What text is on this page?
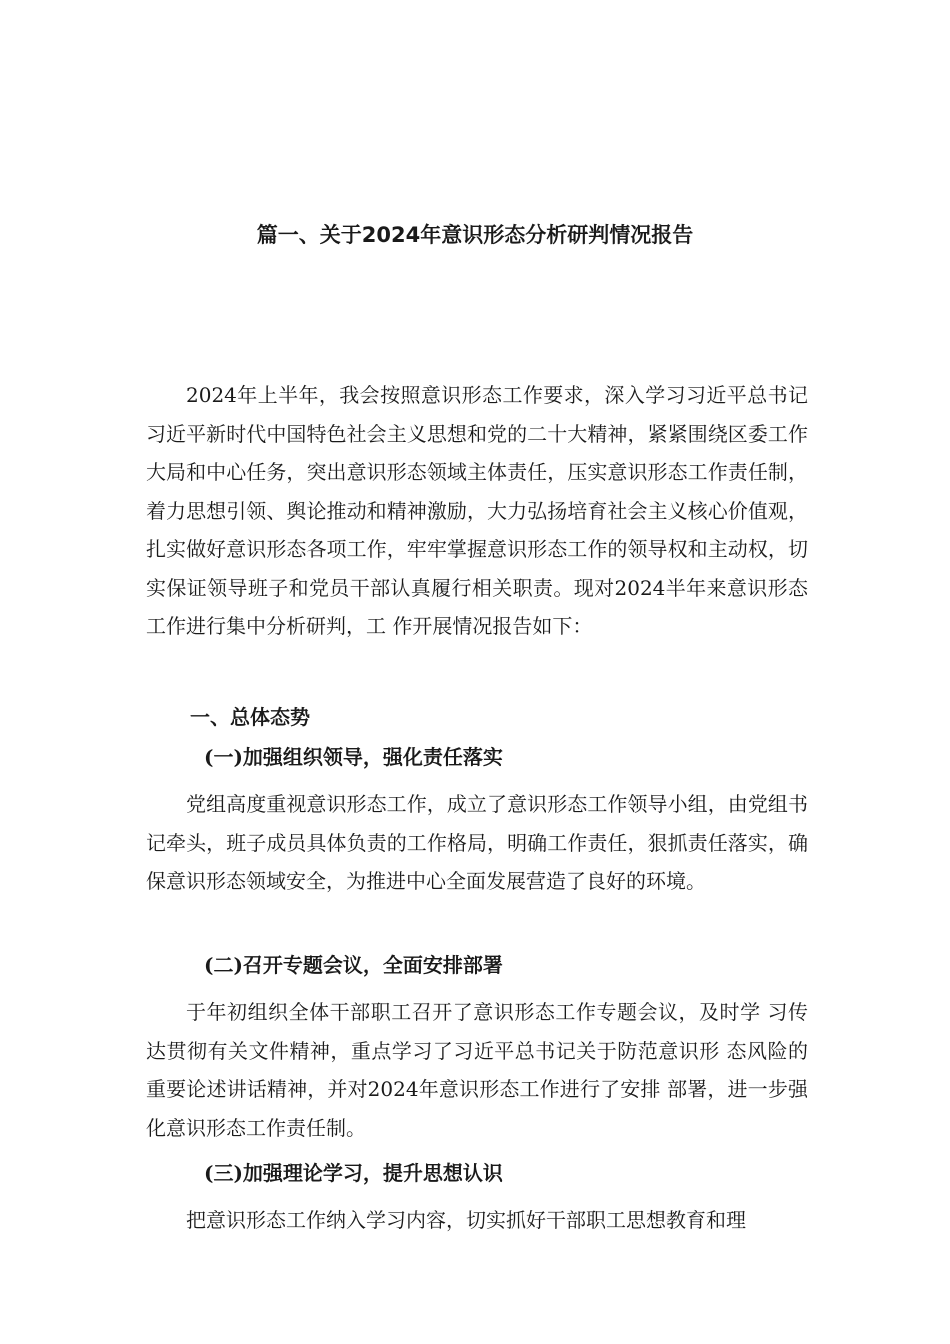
篇一、关于2024年意识形态分析研判情况报告

2024年上半年，我会按照意识形态工作要求，深入学习习近平总书记习近平新时代中国特色社会主义思想和党的二十大精神，紧紧围绕区委工作大局和中心任务，突出意识形态领域主体责任，压实意识形态工作责任制，着力思想引领、舆论推动和精神激励，大力弘扬培育社会主义核心价值观，扎实做好意识形态各项工作，牢牢掌握意识形态工作的领导权和主动权，切实保证领导班子和党员干部认真履行相关职责。现对2024半年来意识形态工作进行集中分析研判，工 作开展情况报告如下：

一、总体态势
(一)加强组织领导，强化责任落实

党组高度重视意识形态工作，成立了意识形态工作领导小组，由党组书记牵头，班子成员具体负责的工作格局，明确工作责任，狠抓责任落实，确保意识形态领域安全，为推进中心全面发展营造了良好的环境。

(二)召开专题会议，全面安排部署

于年初组织全体干部职工召开了意识形态工作专题会议，及时学 习传达贯彻有关文件精神，重点学习了习近平总书记关于防范意识形 态风险的重要论述讲话精神，并对2024年意识形态工作进行了安排 部署，进一步强化意识形态工作责任制。

(三)加强理论学习，提升思想认识

把意识形态工作纳入学习内容，切实抓好干部职工思想教育和理
